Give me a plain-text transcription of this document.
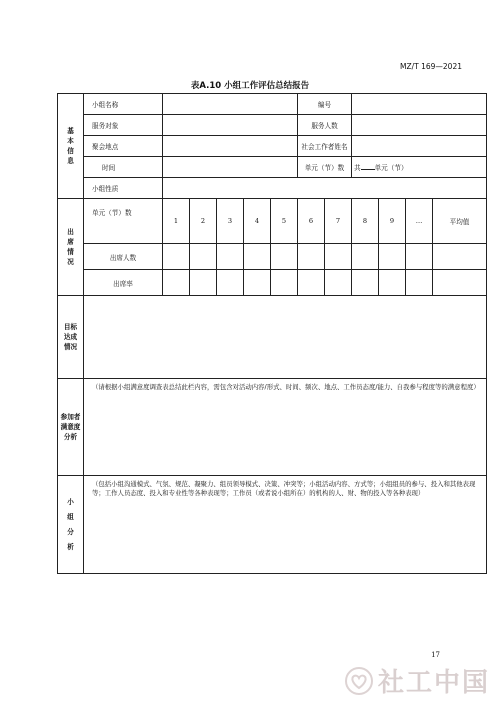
MZ/T 169—2021
表A.10 小组工作评估总结报告
基
本
信
息	小组名称						编号					
	服务对象						服务人数					
	聚会地点						社会工作者姓名					
	时间						单元（节）数		共 单元（节）			
	小组性质											

出
席
情
况	单元（节）数	1	2	3	4	5	6	7	8	9	…	平均值
	出席人数											
	出席率											

目标
达成
情况												

参加者
满意度
分析	（请根据小组满意度调查表总结此栏内容，需包含对活动内容/形式、时间、频次、地点、工作员态度/能力、自我参与程度等的满意程度）											

小
组
分
析	（包括小组沟通模式、气氛、规范、凝聚力、组员领导模式、决策、冲突等；小组活动内容、方式等；小组组员的参与、投入和其他表现等；工作人员态度、投入和专业性等各种表现等；工作员（或者说小组所在）的机构的人、财、物的投入等各种表现）											
17
社工中国
